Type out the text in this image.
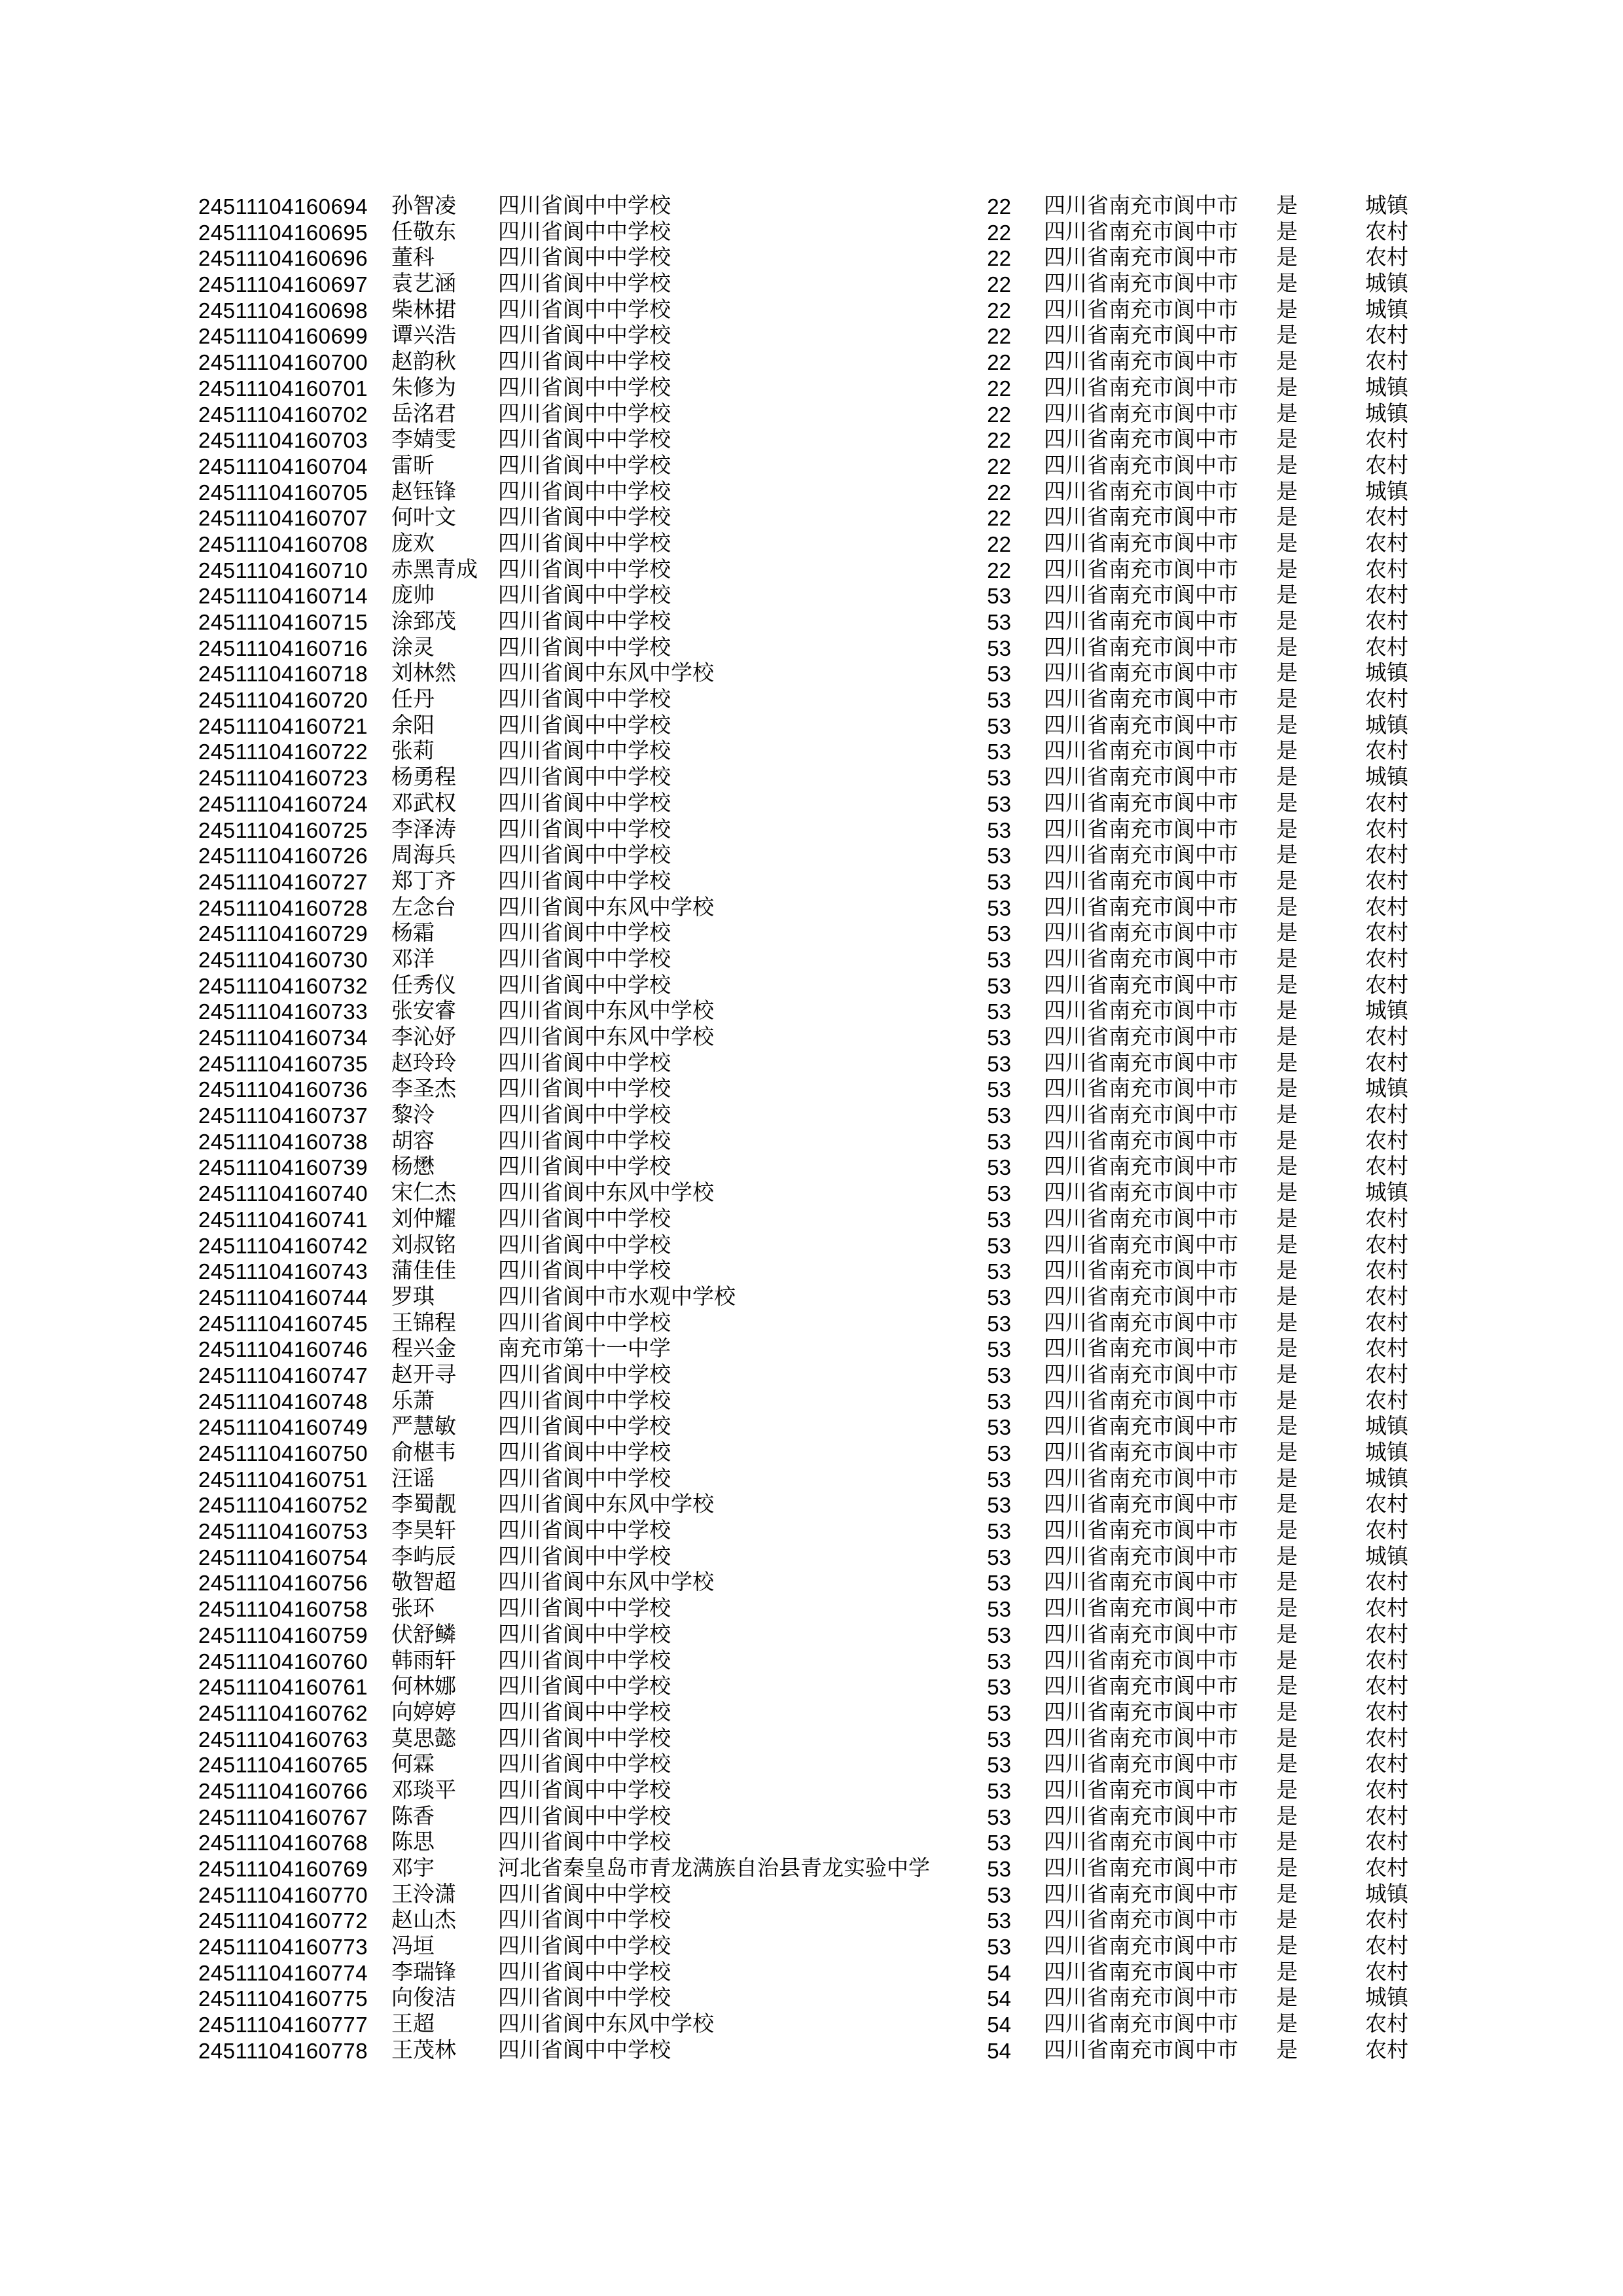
24511104160694 孙智凌 四川省阆中中学校	22 四川省南充市阆中市 是	城镇
24511104160695 任敬东 四川省阆中中学校	22 四川省南充市阆中市 是	农村
24511104160696 董科	四川省阆中中学校	22 四川省南充市阆中市 是	农村
24511104160697 袁艺涵 四川省阆中中学校	22 四川省南充市阆中市 是	城镇
24511104160698 柴林捃 四川省阆中中学校	22 四川省南充市阆中市 是	城镇
24511104160699 谭兴浩 四川省阆中中学校	22 四川省南充市阆中市 是	农村
24511104160700 赵韵秋 四川省阆中中学校	22 四川省南充市阆中市 是	农村
24511104160701 朱修为 四川省阆中中学校	22 四川省南充市阆中市 是	城镇
24511104160702 岳洺君 四川省阆中中学校	22 四川省南充市阆中市 是	城镇
24511104160703 李婧雯 四川省阆中中学校	22 四川省南充市阆中市 是	农村
24511104160704 雷昕	四川省阆中中学校	22 四川省南充市阆中市 是	农村
24511104160705 赵钰锋 四川省阆中中学校	22 四川省南充市阆中市 是	城镇
24511104160707 何叶文 四川省阆中中学校	22 四川省南充市阆中市 是	农村
24511104160708 庞欢	四川省阆中中学校	22 四川省南充市阆中市 是	农村
24511104160710 赤黑青成 四川省阆中中学校	22 四川省南充市阆中市 是	农村
24511104160714 庞帅	四川省阆中中学校	53 四川省南充市阆中市 是	农村
24511104160715 涂郅茂 四川省阆中中学校	53 四川省南充市阆中市 是	农村
24511104160716 涂灵	四川省阆中中学校	53 四川省南充市阆中市 是	农村
24511104160718 刘林然 四川省阆中东风中学校	53 四川省南充市阆中市 是	城镇
24511104160720 任丹	四川省阆中中学校	53 四川省南充市阆中市 是	农村
24511104160721 余阳	四川省阆中中学校	53 四川省南充市阆中市 是	城镇
24511104160722 张莉	四川省阆中中学校	53 四川省南充市阆中市 是	农村
24511104160723 杨勇程 四川省阆中中学校	53 四川省南充市阆中市 是	城镇
24511104160724 邓武权 四川省阆中中学校	53 四川省南充市阆中市 是	农村
24511104160725 李泽涛 四川省阆中中学校	53 四川省南充市阆中市 是	农村
24511104160726 周海兵 四川省阆中中学校	53 四川省南充市阆中市 是	农村
24511104160727 郑丁齐 四川省阆中中学校	53 四川省南充市阆中市 是	农村
24511104160728 左念台 四川省阆中东风中学校	53 四川省南充市阆中市 是	农村
24511104160729 杨霜	四川省阆中中学校	53 四川省南充市阆中市 是	农村
24511104160730 邓洋	四川省阆中中学校	53 四川省南充市阆中市 是	农村
24511104160732 任秀仪 四川省阆中中学校	53 四川省南充市阆中市 是	农村
24511104160733 张安睿 四川省阆中东风中学校	53 四川省南充市阆中市 是	城镇
24511104160734 李沁妤 四川省阆中东风中学校	53 四川省南充市阆中市 是	农村
24511104160735 赵玲玲 四川省阆中中学校	53 四川省南充市阆中市 是	农村
24511104160736 李圣杰 四川省阆中中学校	53 四川省南充市阆中市 是	城镇
24511104160737 黎泠	四川省阆中中学校	53 四川省南充市阆中市 是	农村
24511104160738 胡容	四川省阆中中学校	53 四川省南充市阆中市 是	农村
24511104160739 杨懋	四川省阆中中学校	53 四川省南充市阆中市 是	农村
24511104160740 宋仁杰 四川省阆中东风中学校	53 四川省南充市阆中市 是	城镇
24511104160741 刘仲耀 四川省阆中中学校	53 四川省南充市阆中市 是	农村
24511104160742 刘叔铭 四川省阆中中学校	53 四川省南充市阆中市 是	农村
24511104160743 蒲佳佳 四川省阆中中学校	53 四川省南充市阆中市 是	农村
24511104160744 罗琪	四川省阆中市水观中学校	53 四川省南充市阆中市 是	农村
24511104160745 王锦程 四川省阆中中学校	53 四川省南充市阆中市 是	农村
24511104160746 程兴金 南充市第十一中学	53 四川省南充市阆中市 是	农村
24511104160747 赵开寻 四川省阆中中学校	53 四川省南充市阆中市 是	农村
24511104160748 乐萧	四川省阆中中学校	53 四川省南充市阆中市 是	农村
24511104160749 严慧敏 四川省阆中中学校	53 四川省南充市阆中市 是	城镇
24511104160750 俞椹韦 四川省阆中中学校	53 四川省南充市阆中市 是	城镇
24511104160751 汪谣	四川省阆中中学校	53 四川省南充市阆中市 是	城镇
24511104160752 李蜀靓 四川省阆中东风中学校	53 四川省南充市阆中市 是	农村
24511104160753 李昊轩 四川省阆中中学校	53 四川省南充市阆中市 是	农村
24511104160754 李屿辰 四川省阆中中学校	53 四川省南充市阆中市 是	城镇
24511104160756 敬智超 四川省阆中东风中学校	53 四川省南充市阆中市 是	农村
24511104160758 张环	四川省阆中中学校	53 四川省南充市阆中市 是	农村
24511104160759 伏舒鳞 四川省阆中中学校	53 四川省南充市阆中市 是	农村
24511104160760 韩雨轩 四川省阆中中学校	53 四川省南充市阆中市 是	农村
24511104160761 何林娜 四川省阆中中学校	53 四川省南充市阆中市 是	农村
24511104160762 向婷婷 四川省阆中中学校	53 四川省南充市阆中市 是	农村
24511104160763 莫思懿 四川省阆中中学校	53 四川省南充市阆中市 是	农村
24511104160765 何霖	四川省阆中中学校	53 四川省南充市阆中市 是	农村
24511104160766 邓琰平 四川省阆中中学校	53 四川省南充市阆中市 是	农村
24511104160767 陈香	四川省阆中中学校	53 四川省南充市阆中市 是	农村
24511104160768 陈思	四川省阆中中学校	53 四川省南充市阆中市 是	农村
24511104160769 邓宇	河北省秦皇岛市青龙满族自治县青龙实验中学	53 四川省南充市阆中市 是	农村
24511104160770 王泠潇 四川省阆中中学校	53 四川省南充市阆中市 是	城镇
24511104160772 赵山杰 四川省阆中中学校	53 四川省南充市阆中市 是	农村
24511104160773 冯垣	四川省阆中中学校	53 四川省南充市阆中市 是	农村
24511104160774 李瑞锋 四川省阆中中学校	54 四川省南充市阆中市 是	农村
24511104160775 向俊洁 四川省阆中中学校	54 四川省南充市阆中市 是	城镇
24511104160777 王超	四川省阆中东风中学校	54 四川省南充市阆中市 是	农村
24511104160778 王茂林 四川省阆中中学校	54 四川省南充市阆中市 是	农村
